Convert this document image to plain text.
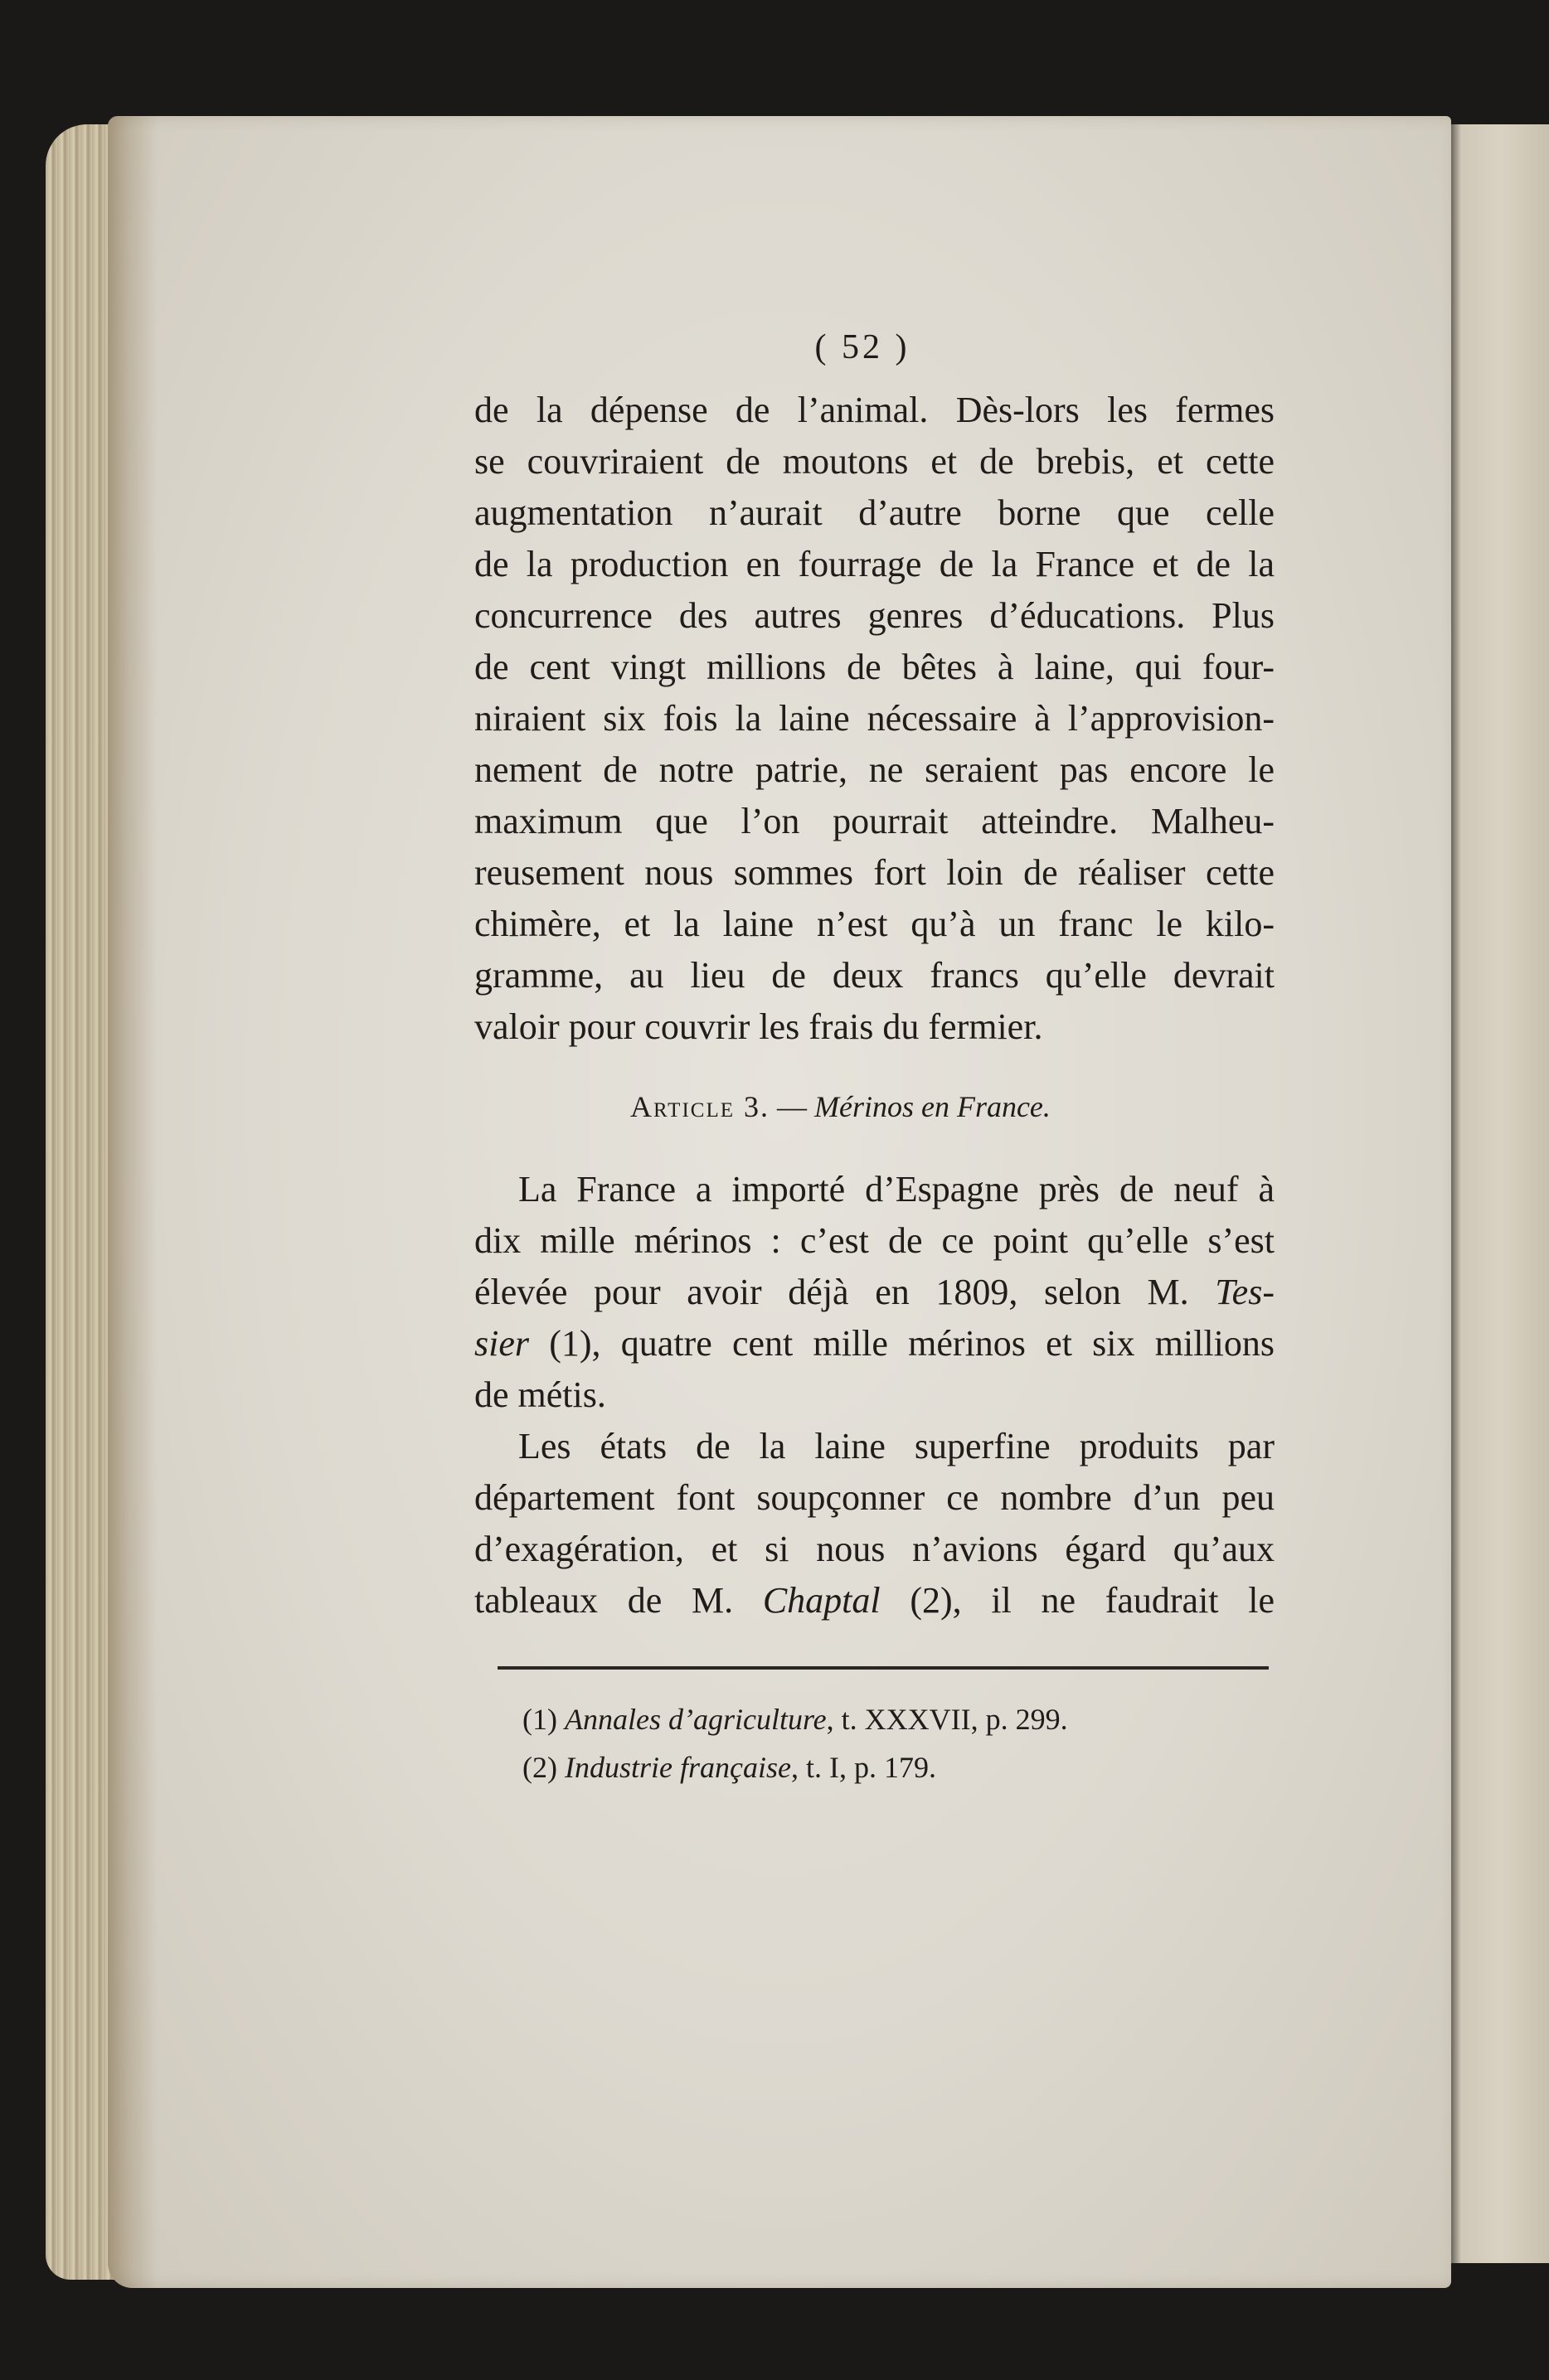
( 52 )
de la dépense de l’animal. Dès-lors les fermes
se couvriraient de moutons et de brebis, et cette
augmentation n’aurait d’autre borne que celle
de la production en fourrage de la France et de la
concurrence des autres genres d’éducations. Plus
de cent vingt millions de bêtes à laine, qui four-
niraient six fois la laine nécessaire à l’approvision-
nement de notre patrie, ne seraient pas encore le
maximum que l’on pourrait atteindre. Malheu-
reusement nous sommes fort loin de réaliser cette
chimère, et la laine n’est qu’à un franc le kilo-
gramme, au lieu de deux francs qu’elle devrait
valoir pour couvrir les frais du fermier.
Article 3. — Mérinos en France.
La France a importé d’Espagne près de neuf à
dix mille mérinos : c’est de ce point qu’elle s’est
élevée pour avoir déjà en 1809, selon M. Tes-
sier (1), quatre cent mille mérinos et six millions
de métis.
Les états de la laine superfine produits par
département font soupçonner ce nombre d’un peu
d’exagération, et si nous n’avions égard qu’aux
tableaux de M. Chaptal (2), il ne faudrait le
(1) Annales d’agriculture, t. XXXVII, p. 299.
(2) Industrie française, t. I, p. 179.
